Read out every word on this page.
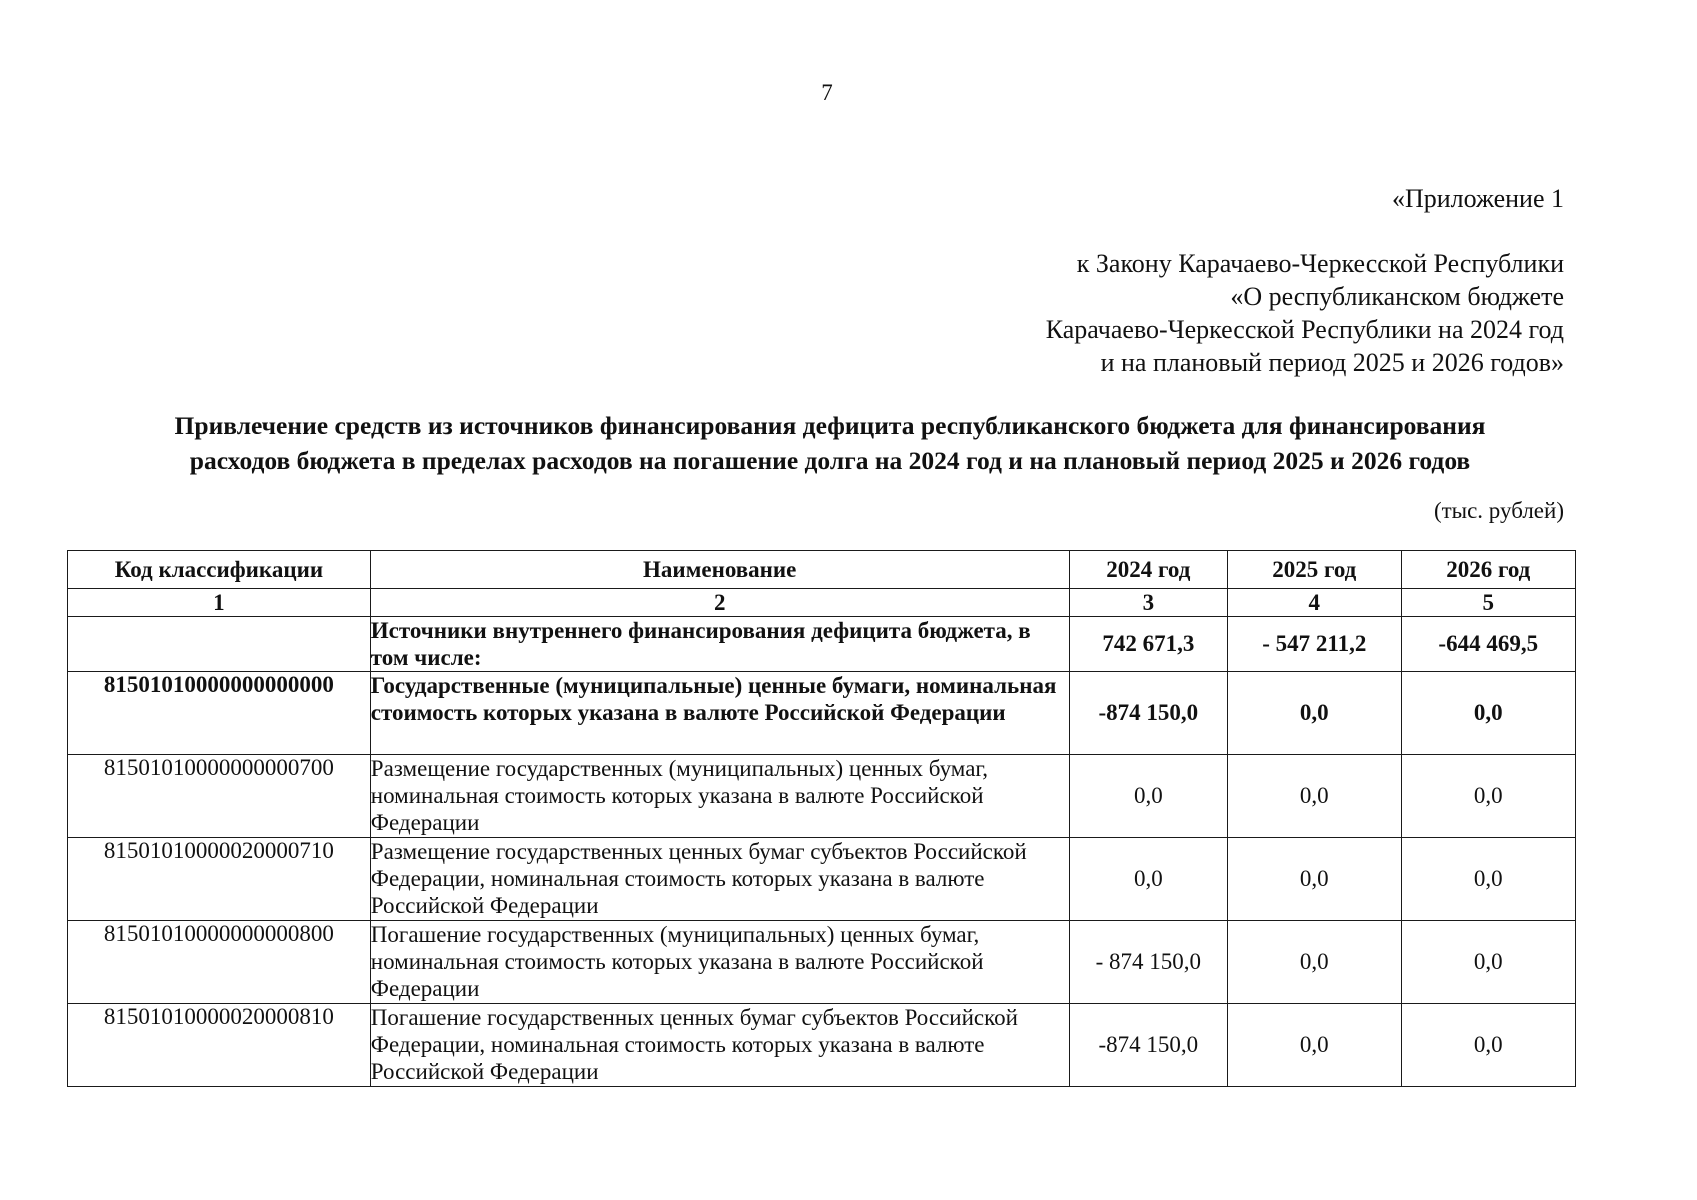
7
«Приложение 1
к Закону Карачаево-Черкесской Республики
«О республиканском бюджете
Карачаево-Черкесской Республики на 2024 год
и на плановый период 2025 и 2026 годов»
Привлечение средств из источников финансирования дефицита республиканского бюджета для финансирования
расходов бюджета в пределах расходов на погашение долга на 2024 год и на плановый период 2025 и 2026 годов
(тыс. рублей)
Код классификации	Наименование	2024 год	2025 год	2026 год
1	2	3	4	5
	Источники внутреннего финансирования дефицита бюджета, в том числе:	742 671,3	- 547 211,2	-644 469,5
81501010000000000000	Государственные (муниципальные) ценные бумаги, номинальная стоимость которых указана в валюте Российской Федерации	-874 150,0	0,0	0,0
81501010000000000700	Размещение государственных (муниципальных) ценных бумаг, номинальная стоимость которых указана в валюте Российской Федерации	0,0	0,0	0,0
81501010000020000710	Размещение государственных ценных бумаг субъектов Российской Федерации, номинальная стоимость которых указана в валюте Российской Федерации	0,0	0,0	0,0
81501010000000000800	Погашение государственных (муниципальных) ценных бумаг, номинальная стоимость которых указана в валюте Российской Федерации	- 874 150,0	0,0	0,0
81501010000020000810	Погашение государственных ценных бумаг субъектов Российской Федерации, номинальная стоимость которых указана в валюте Российской Федерации	-874 150,0	0,0	0,0
